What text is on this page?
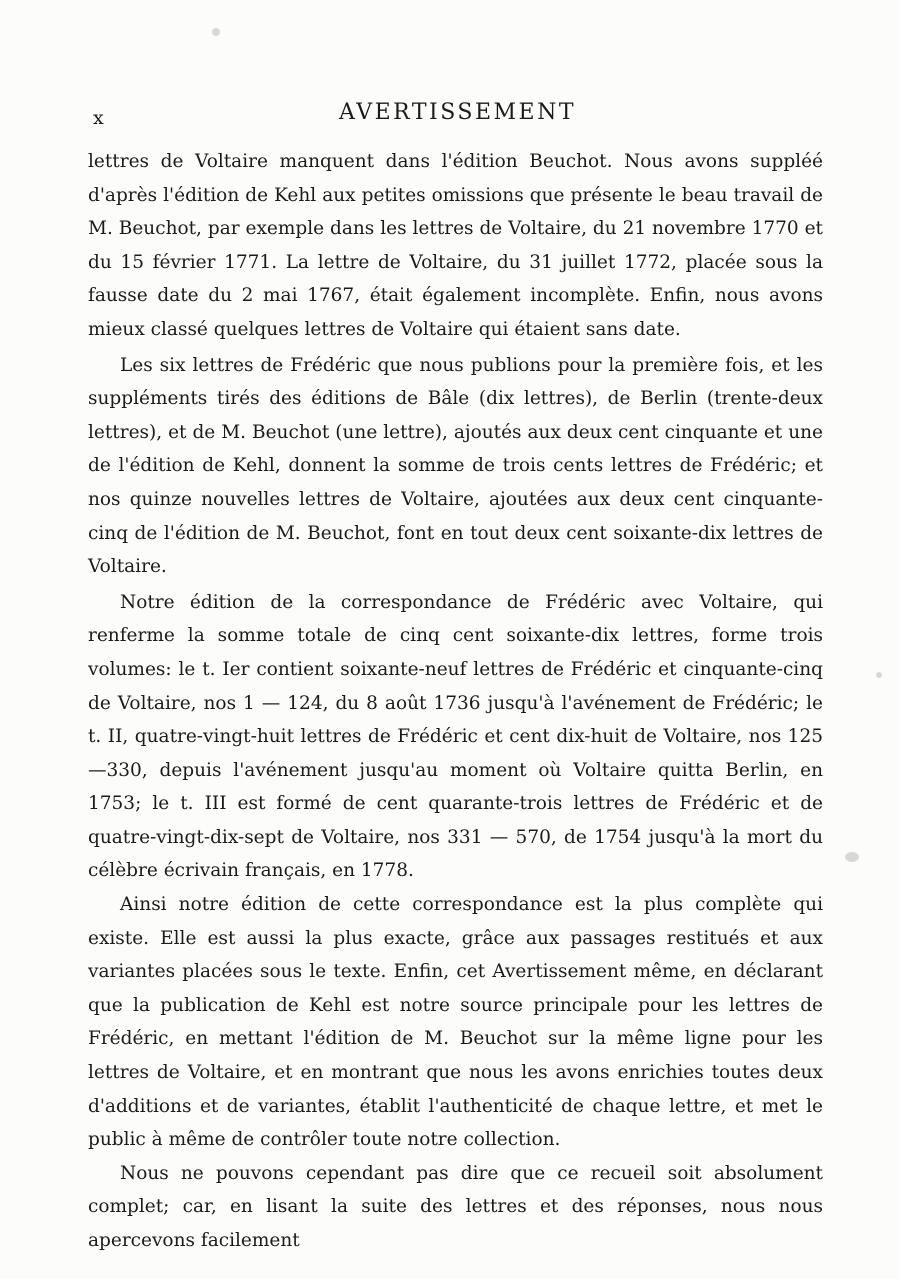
x	AVERTISSEMENT

lettres de Voltaire manquent dans l'édition Beuchot. Nous avons suppléé d'après l'édition de Kehl aux petites omissions que présente le beau travail de M. Beuchot, par exemple dans les lettres de Voltaire, du 21 novembre 1770 et du 15 février 1771. La lettre de Voltaire, du 31 juillet 1772, placée sous la fausse date du 2 mai 1767, était également incomplète. Enfin, nous avons mieux classé quelques lettres de Voltaire qui étaient sans date.

Les six lettres de Frédéric que nous publions pour la première fois, et les suppléments tirés des éditions de Bâle (dix lettres), de Berlin (trente-deux lettres), et de M. Beuchot (une lettre), ajoutés aux deux cent cinquante et une de l'édition de Kehl, donnent la somme de trois cents lettres de Frédéric; et nos quinze nouvelles lettres de Voltaire, ajoutées aux deux cent cinquante-cinq de l'édition de M. Beuchot, font en tout deux cent soixante-dix lettres de Voltaire.

Notre édition de la correspondance de Frédéric avec Voltaire, qui renferme la somme totale de cinq cent soixante-dix lettres, forme trois volumes: le t. Ier contient soixante-neuf lettres de Frédéric et cinquante-cinq de Voltaire, nos 1 — 124, du 8 août 1736 jusqu'à l'avénement de Frédéric; le t. II, quatre-vingt-huit lettres de Frédéric et cent dix-huit de Voltaire, nos 125—330, depuis l'avénement jusqu'au moment où Voltaire quitta Berlin, en 1753; le t. III est formé de cent quarante-trois lettres de Frédéric et de quatre-vingt-dix-sept de Voltaire, nos 331 — 570, de 1754 jusqu'à la mort du célèbre écrivain français, en 1778.

Ainsi notre édition de cette correspondance est la plus complète qui existe. Elle est aussi la plus exacte, grâce aux passages restitués et aux variantes placées sous le texte. Enfin, cet Avertissement même, en déclarant que la publication de Kehl est notre source principale pour les lettres de Frédéric, en mettant l'édition de M. Beuchot sur la même ligne pour les lettres de Voltaire, et en montrant que nous les avons enrichies toutes deux d'additions et de variantes, établit l'authenticité de chaque lettre, et met le public à même de contrôler toute notre collection.

Nous ne pouvons cependant pas dire que ce recueil soit absolument complet; car, en lisant la suite des lettres et des réponses, nous nous apercevons facilement
